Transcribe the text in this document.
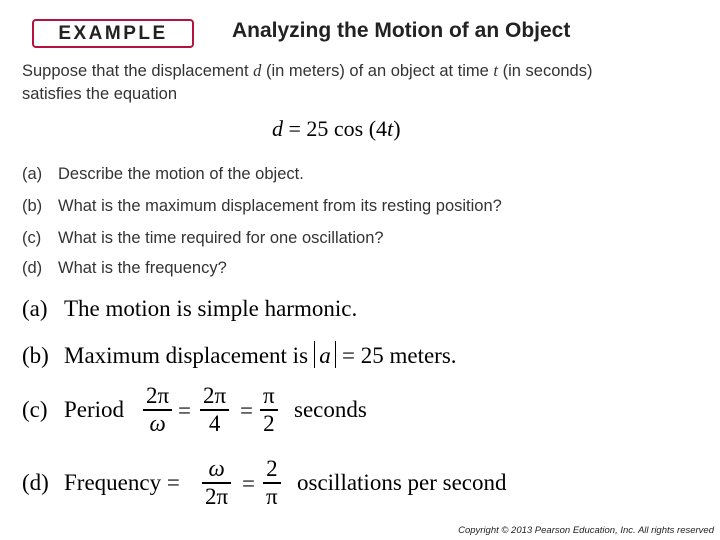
EXAMPLE	Analyzing the Motion of an Object
Suppose that the displacement d (in meters) of an object at time t (in seconds)
satisfies the equation
d = 25 cos (4t)
(a) Describe the motion of the object.
(b) What is the maximum displacement from its resting position?
(c) What is the time required for one oscillation?
(d) What is the frequency?
(a) The motion is simple harmonic.
(b) Maximum displacement is a = 25 meters.
(c) Period
2π
ω =
2π
4 =
π
2
seconds
(d) Frequency =
ω
2π =
2
π
oscillations per second
Copyright © 2013 Pearson Education, Inc. All rights reserved
